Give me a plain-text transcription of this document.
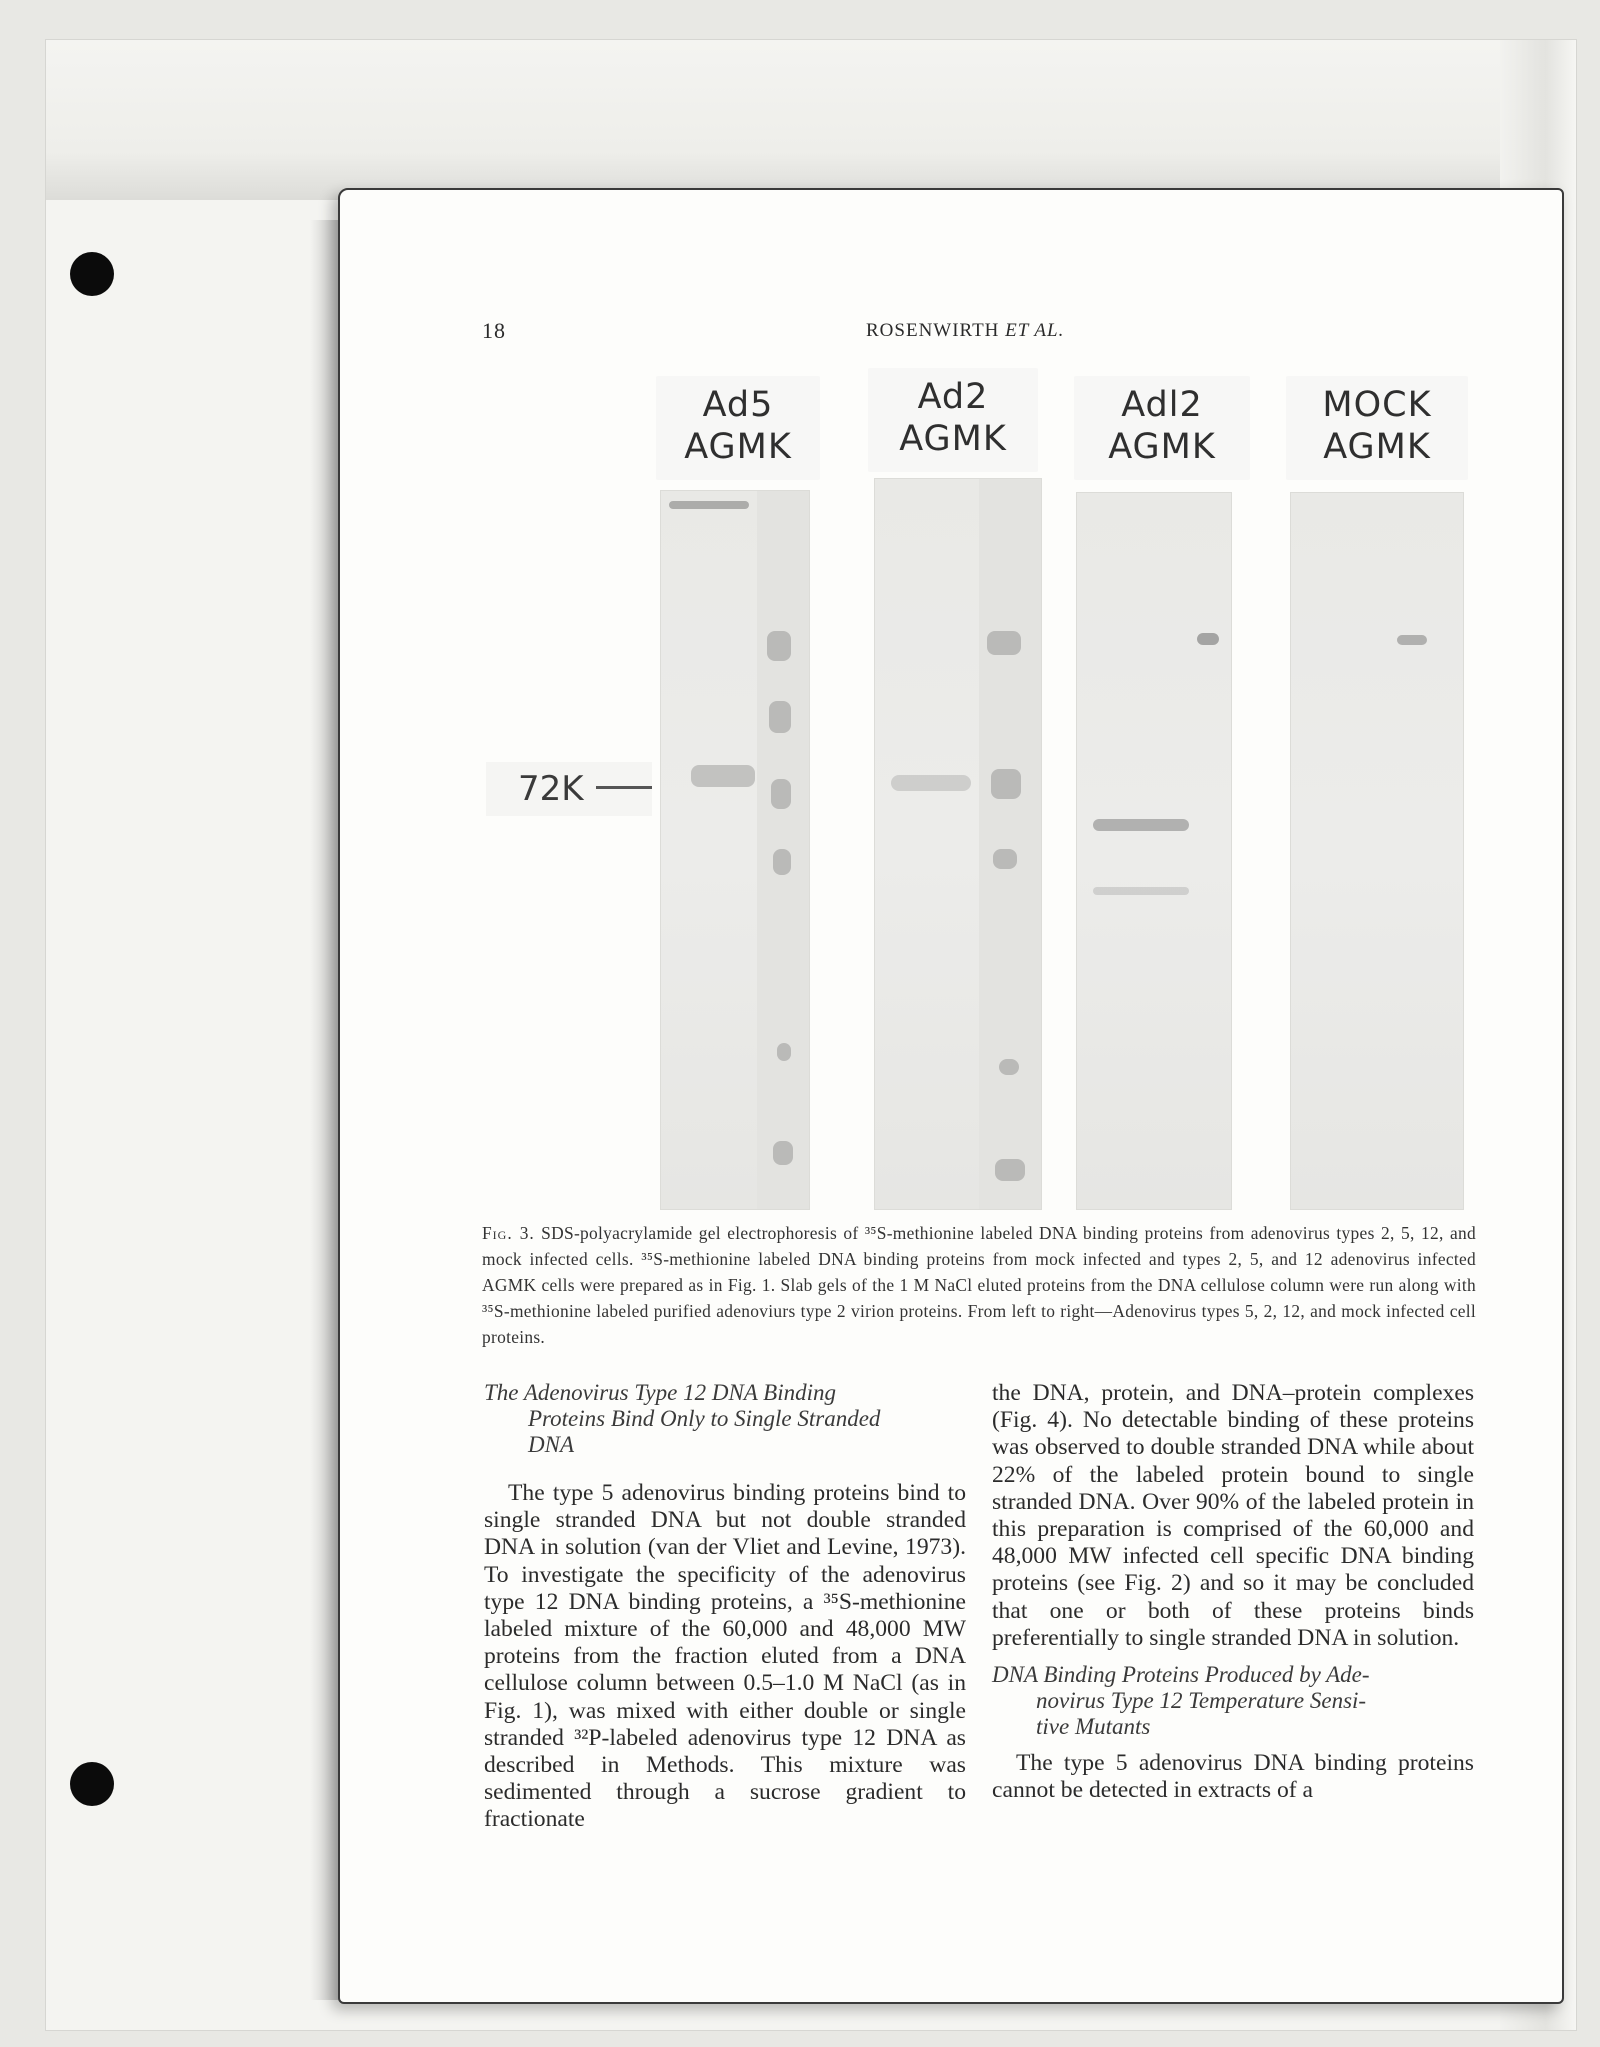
18	ROSENWIRTH ET AL.
Ad5
AGMK
Ad2
AGMK
Adl2
AGMK
MOCK
AGMK
72K
Fig. 3. SDS-polyacrylamide gel electrophoresis of ³⁵S-methionine labeled DNA binding proteins from adenovirus types 2, 5, 12, and mock infected cells. ³⁵S-methionine labeled DNA binding proteins from mock infected and types 2, 5, and 12 adenovirus infected AGMK cells were prepared as in Fig. 1. Slab gels of the 1 M NaCl eluted proteins from the DNA cellulose column were run along with ³⁵S-methionine labeled purified adenoviurs type 2 virion proteins. From left to right—Adenovirus types 5, 2, 12, and mock infected cell proteins.

The Adenovirus Type 12 DNA Binding
Proteins Bind Only to Single Stranded
DNA

The type 5 adenovirus binding proteins bind to single stranded DNA but not double stranded DNA in solution (van der Vliet and Levine, 1973). To investigate the specificity of the adenovirus type 12 DNA binding proteins, a ³⁵S-methionine labeled mixture of the 60,000 and 48,000 MW proteins from the fraction eluted from a DNA cellulose column between 0.5–1.0 M NaCl (as in Fig. 1), was mixed with either double or single stranded ³²P-labeled adenovirus type 12 DNA as described in Methods. This mixture was sedimented through a sucrose gradient to fractionate

the DNA, protein, and DNA–protein complexes (Fig. 4). No detectable binding of these proteins was observed to double stranded DNA while about 22% of the labeled protein bound to single stranded DNA. Over 90% of the labeled protein in this preparation is comprised of the 60,000 and 48,000 MW infected cell specific DNA binding proteins (see Fig. 2) and so it may be concluded that one or both of these proteins binds preferentially to single stranded DNA in solution.

DNA Binding Proteins Produced by Ade-
novirus Type 12 Temperature Sensi-
tive Mutants

The type 5 adenovirus DNA binding proteins cannot be detected in extracts of a
